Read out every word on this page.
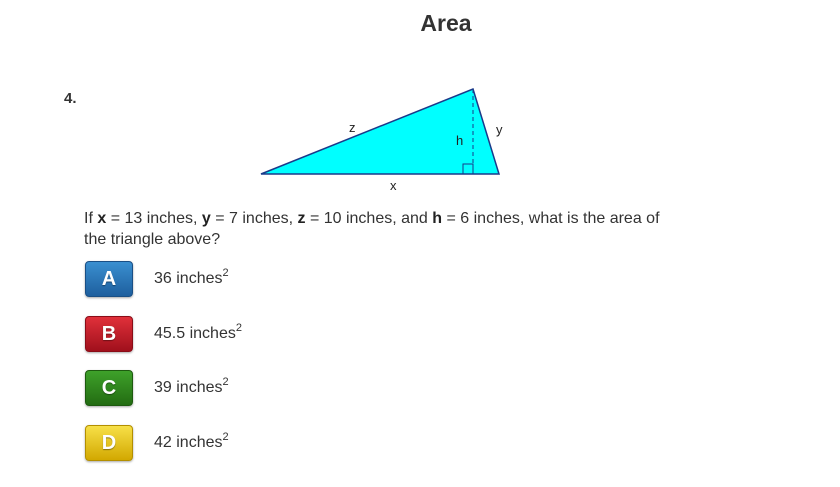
Area
4.
z
h
y
x
If x = 13 inches, y = 7 inches, z = 10 inches, and h = 6 inches, what is the area of the triangle above?
A	36 inches$^2$
B	45.5 inches$^2$
C	39 inches$^2$
D	42 inches$^2$
